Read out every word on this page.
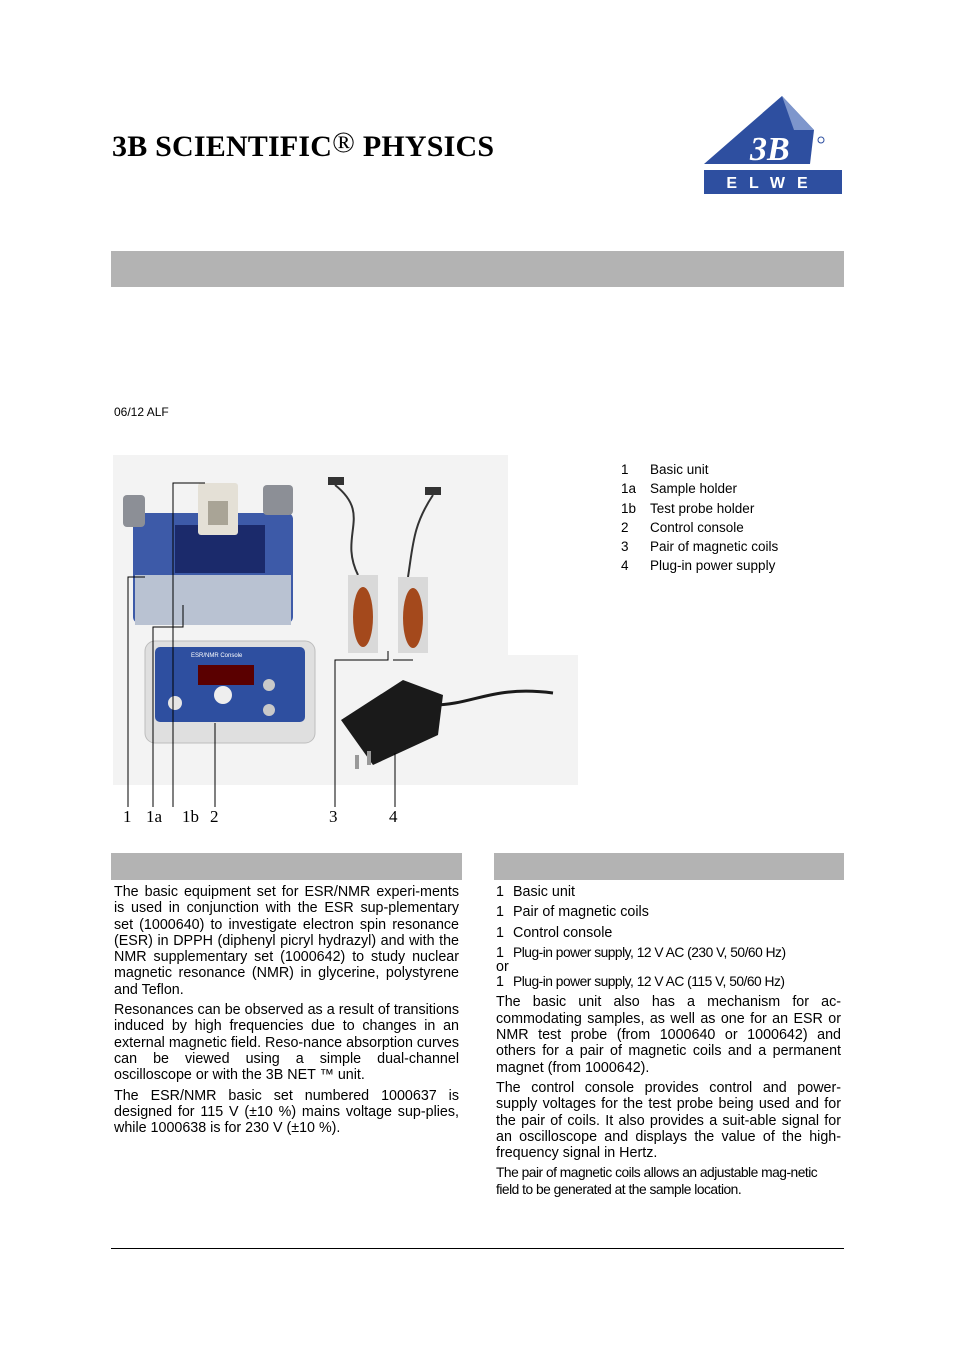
3B SCIENTIFIC® PHYSICS	3B
ELWE
06/12 ALF
ESR/NMR Console
1 1a 1b 2	3	4
1	Basic unit
1a	Sample holder
1b	Test probe holder
2	Control console
3	Pair of magnetic coils
4	Plug-in power supply

The basic equipment set for ESR/NMR experi-ments is used in conjunction with the ESR sup-plementary set (1000640) to investigate electron spin resonance (ESR) in DPPH (diphenyl picryl hydrazyl) and with the NMR supplementary set (1000642) to study nuclear magnetic resonance (NMR) in glycerine, polystyrene and Teflon.

Resonances can be observed as a result of transitions induced by high frequencies due to changes in an external magnetic field. Reso-nance absorption curves can be viewed using a simple dual-channel oscilloscope or with the 3B NET ™ unit.

The ESR/NMR basic set numbered 1000637 is designed for 115 V (±10 %) mains voltage sup-plies, while 1000638 is for 230 V (±10 %).

1 Basic unit
1 Pair of magnetic coils
1 Control console
1 Plug-in power supply, 12 V AC (230 V, 50/60 Hz)
or
1 Plug-in power supply, 12 V AC (115 V, 50/60 Hz)

The basic unit also has a mechanism for ac-commodating samples, as well as one for an ESR or NMR test probe (from 1000640 or 1000642) and others for a pair of magnetic coils and a permanent magnet (from 1000642).

The control console provides control and power-supply voltages for the test probe being used and for the pair of coils. It also provides a suit-able signal for an oscilloscope and displays the value of the high-frequency signal in Hertz.

The pair of magnetic coils allows an adjustable mag-netic field to be generated at the sample location.
